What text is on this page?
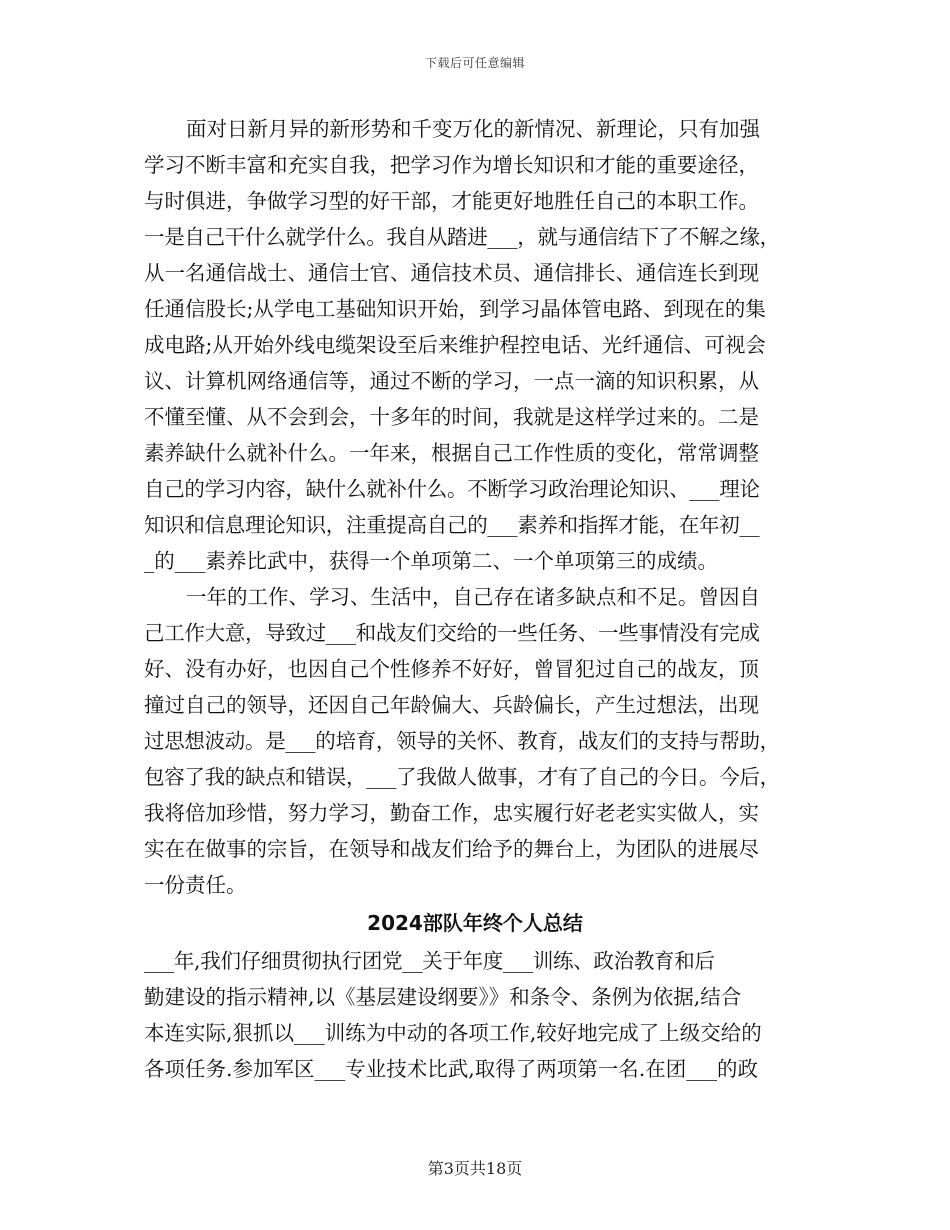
下载后可任意编辑
面对日新月异的新形势和千变万化的新情况、新理论，只有加强
学习不断丰富和充实自我，把学习作为增长知识和才能的重要途径，
与时俱进，争做学习型的好干部，才能更好地胜任自己的本职工作。
一是自己干什么就学什么。我自从踏进___，就与通信结下了不解之缘，
从一名通信战士、通信士官、通信技术员、通信排长、通信连长到现
任通信股长;从学电工基础知识开始，到学习晶体管电路、到现在的集
成电路;从开始外线电缆架设至后来维护程控电话、光纤通信、可视会
议、计算机网络通信等，通过不断的学习，一点一滴的知识积累，从
不懂至懂、从不会到会，十多年的时间，我就是这样学过来的。二是
素养缺什么就补什么。一年来，根据自己工作性质的变化，常常调整
自己的学习内容，缺什么就补什么。不断学习政治理论知识、___理论
知识和信息理论知识，注重提高自己的___素养和指挥才能，在年初__
_的___素养比武中，获得一个单项第二、一个单项第三的成绩。
一年的工作、学习、生活中，自己存在诸多缺点和不足。曾因自
己工作大意，导致过___和战友们交给的一些任务、一些事情没有完成
好、没有办好，也因自己个性修养不好好，曾冒犯过自己的战友，顶
撞过自己的领导，还因自己年龄偏大、兵龄偏长，产生过想法，出现
过思想波动。是___的培育，领导的关怀、教育，战友们的支持与帮助，
包容了我的缺点和错误，___了我做人做事，才有了自己的今日。今后，
我将倍加珍惜，努力学习，勤奋工作，忠实履行好老老实实做人，实
实在在做事的宗旨，在领导和战友们给予的舞台上，为团队的进展尽
一份责任。
2024部队年终个人总结
___年,我们仔细贯彻执行团党__关于年度___训练、政治教育和后
勤建设的指示精神,以《基层建设纲要》》和条令、条例为依据,结合
本连实际,狠抓以___训练为中动的各项工作,较好地完成了上级交给的
各项任务.参加军区___专业技术比武,取得了两项第一名.在团___的政
第3页共18页
